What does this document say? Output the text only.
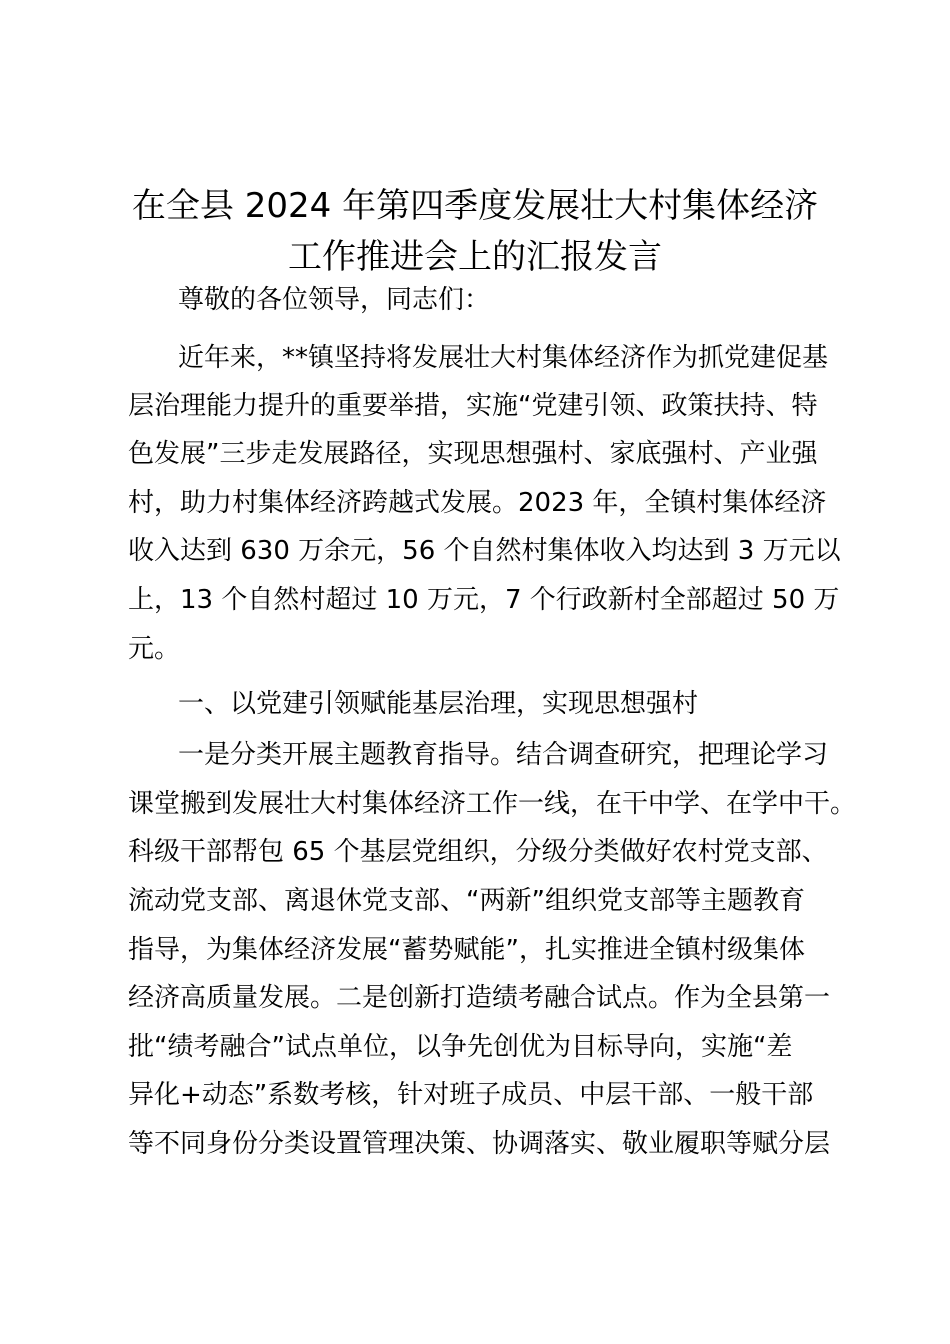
在全县 2024 年第四季度发展壮大村集体经济
工作推进会上的汇报发言
尊敬的各位领导，同志们：
近年来，**镇坚持将发展壮大村集体经济作为抓党建促基
层治理能力提升的重要举措，实施“党建引领、政策扶持、特
色发展”三步走发展路径，实现思想强村、家底强村、产业强
村，助力村集体经济跨越式发展。2023 年，全镇村集体经济
收入达到 630 万余元，56 个自然村集体收入均达到 3 万元以
上，13 个自然村超过 10 万元，7 个行政新村全部超过 50 万
元。
一、以党建引领赋能基层治理，实现思想强村
一是分类开展主题教育指导。结合调查研究，把理论学习
课堂搬到发展壮大村集体经济工作一线，在干中学、在学中干。
科级干部帮包 65 个基层党组织，分级分类做好农村党支部、
流动党支部、离退休党支部、“两新”组织党支部等主题教育
指导，为集体经济发展“蓄势赋能”，扎实推进全镇村级集体
经济高质量发展。二是创新打造绩考融合试点。作为全县第一
批“绩考融合”试点单位，以争先创优为目标导向，实施“差
异化+动态”系数考核，针对班子成员、中层干部、一般干部
等不同身份分类设置管理决策、协调落实、敬业履职等赋分层
